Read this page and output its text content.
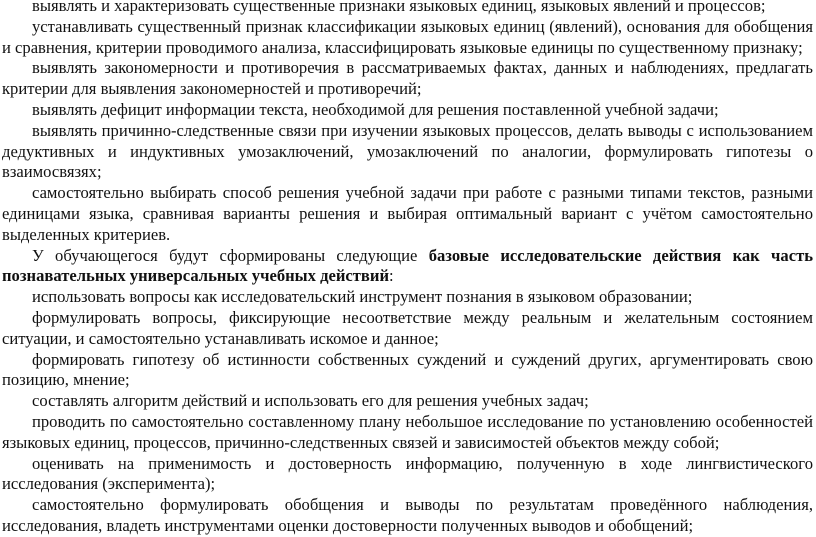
выявлять и характеризовать существенные признаки языковых единиц, языковых явлений и процессов;

устанавливать существенный признак классификации языковых единиц (явлений), основания для обобщения и сравнения, критерии проводимого анализа, классифицировать языковые единицы по существенному признаку;

выявлять закономерности и противоречия в рассматриваемых фактах, данных и наблюдениях, предлагать критерии для выявления закономерностей и противоречий;

выявлять дефицит информации текста, необходимой для решения поставленной учебной задачи;

выявлять причинно-следственные связи при изучении языковых процессов, делать выводы с использованием дедуктивных и индуктивных умозаключений, умозаключений по аналогии, формулировать гипотезы о взаимосвязях;

самостоятельно выбирать способ решения учебной задачи при работе с разными типами текстов, разными единицами языка, сравнивая варианты решения и выбирая оптимальный вариант с учётом самостоятельно выделенных критериев.

У обучающегося будут сформированы следующие базовые исследовательские действия как часть познавательных универсальных учебных действий:

использовать вопросы как исследовательский инструмент познания в языковом образовании;

формулировать вопросы, фиксирующие несоответствие между реальным и желательным состоянием ситуации, и самостоятельно устанавливать искомое и данное;

формировать гипотезу об истинности собственных суждений и суждений других, аргументировать свою позицию, мнение;

составлять алгоритм действий и использовать его для решения учебных задач;

проводить по самостоятельно составленному плану небольшое исследование по установлению особенностей языковых единиц, процессов, причинно-следственных связей и зависимостей объектов между собой;

оценивать на применимость и достоверность информацию, полученную в ходе лингвистического исследования (эксперимента);

самостоятельно формулировать обобщения и выводы по результатам проведённого наблюдения, исследования, владеть инструментами оценки достоверности полученных выводов и обобщений;
